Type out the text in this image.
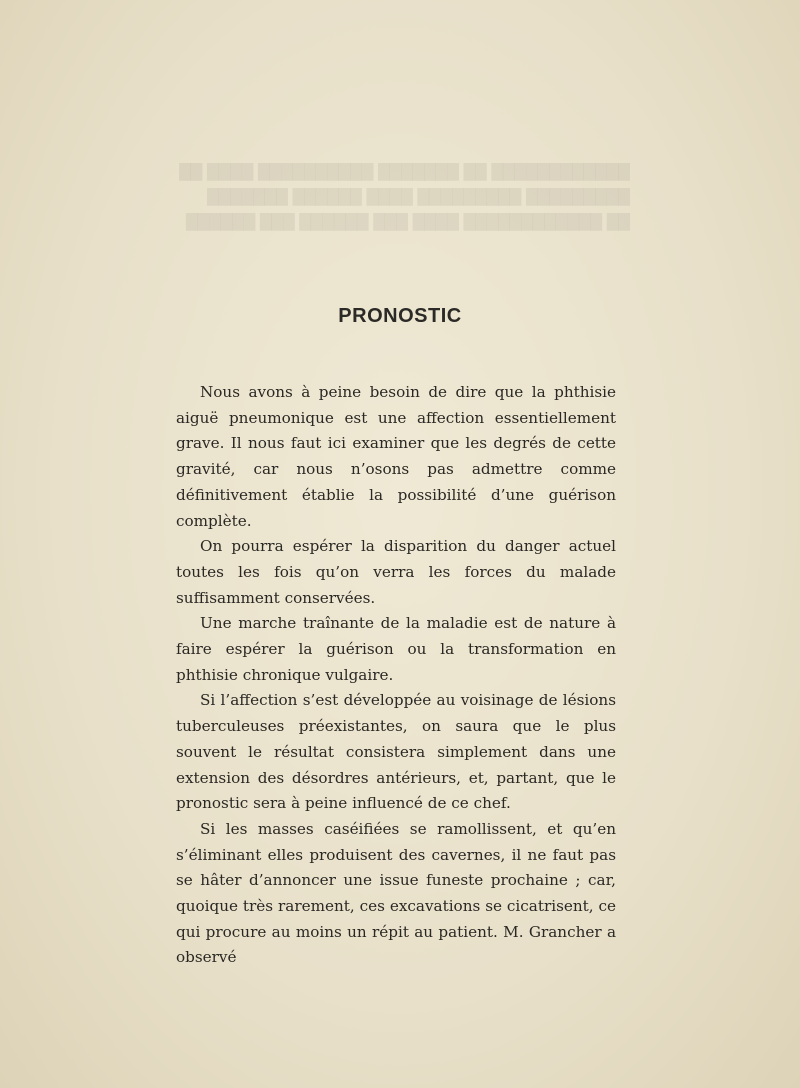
████████████ ██ ███████ ██████████ ████ ██
█████████ █████████ ████ ██████ ███████
██ ████████████ ████ ███ ██████ ███ ██████
PRONOSTIC

Nous avons à peine besoin de dire que la phthisie aiguë pneumonique est une affection essentiellement grave. Il nous faut ici examiner que les degrés de cette gravité, car nous n’osons pas admettre comme définitivement établie la possibilité d’une guérison complète.

On pourra espérer la disparition du danger actuel toutes les fois qu’on verra les forces du malade suffisamment conservées.

Une marche traînante de la maladie est de nature à faire espérer la guérison ou la transformation en phthisie chronique vulgaire.

Si l’affection s’est développée au voisinage de lésions tuberculeuses préexistantes, on saura que le plus souvent le résultat consistera simplement dans une extension des désordres antérieurs, et, partant, que le pronostic sera à peine influencé de ce chef.

Si les masses caséifiées se ramollissent, et qu’en s’éliminant elles produisent des cavernes, il ne faut pas se hâter d’annoncer une issue funeste prochaine ; car, quoique très rarement, ces excavations se cicatrisent, ce qui procure au moins un répit au patient. M. Grancher a observé
